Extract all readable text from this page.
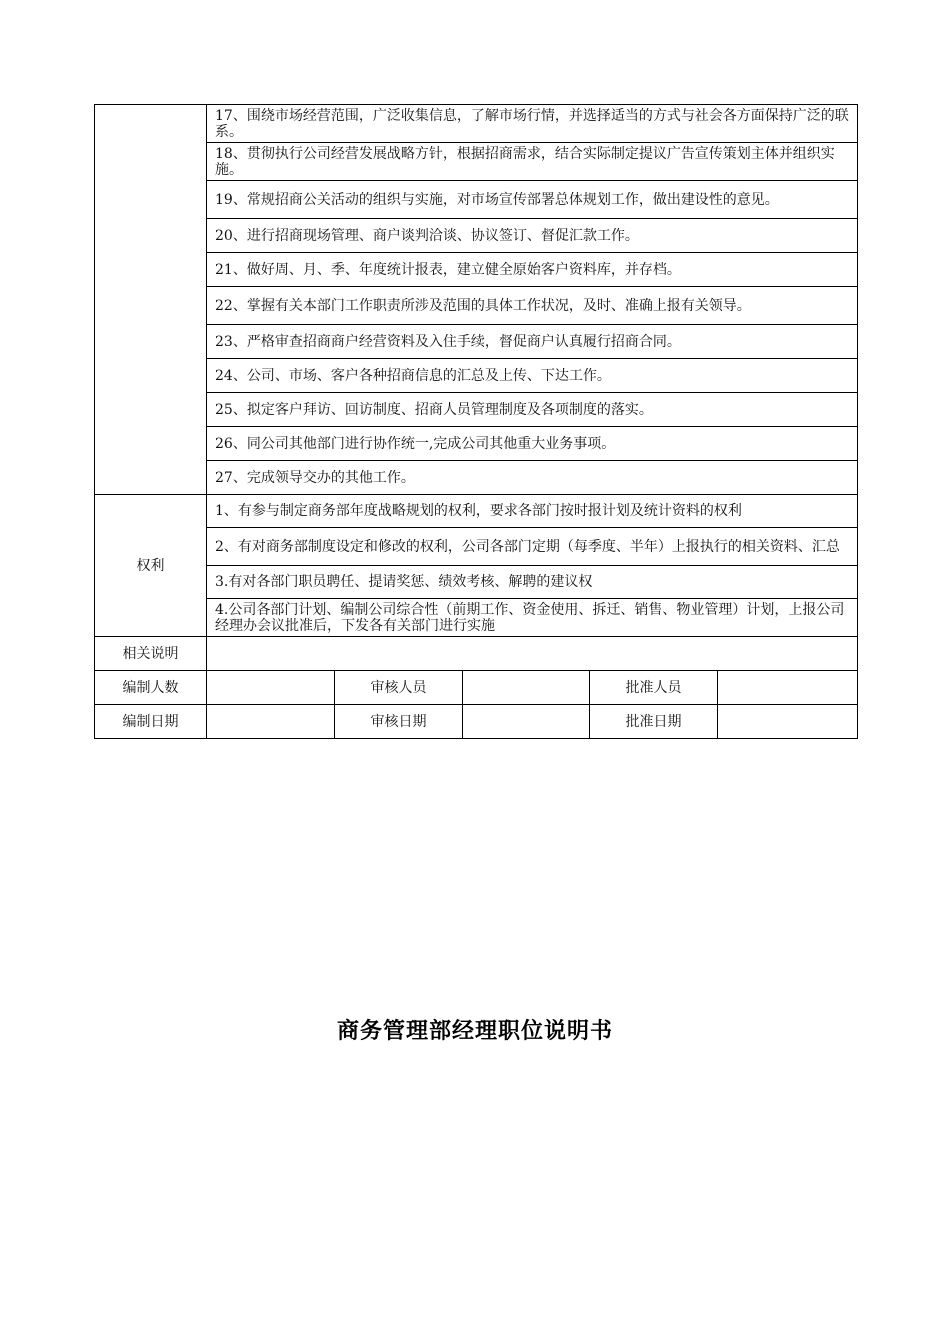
	17、围绕市场经营范围，广泛收集信息，了解市场行情，并选择适当的方式与社会各方面保持广泛的联系。				
	18、贯彻执行公司经营发展战略方针，根据招商需求，结合实际制定提议广告宣传策划主体并组织实施。				
	19、常规招商公关活动的组织与实施，对市场宣传部署总体规划工作，做出建设性的意见。				
	20、进行招商现场管理、商户谈判洽谈、协议签订、督促汇款工作。				
	21、做好周、月、季、年度统计报表，建立健全原始客户资料库，并存档。				
	22、掌握有关本部门工作职责所涉及范围的具体工作状况，及时、准确上报有关领导。				
	23、严格审查招商商户经营资料及入住手续，督促商户认真履行招商合同。				
	24、公司、市场、客户各种招商信息的汇总及上传、下达工作。				
	25、拟定客户拜访、回访制度、招商人员管理制度及各项制度的落实。				
	26、同公司其他部门进行协作统一,完成公司其他重大业务事项。				
	27、完成领导交办的其他工作。				
权利	1、有参与制定商务部年度战略规划的权利，要求各部门按时报计划及统计资料的权利				
	2、有对商务部制度设定和修改的权利，公司各部门定期（每季度、半年）上报执行的相关资料、汇总				
	3.有对各部门职员聘任、提请奖惩、绩效考核、解聘的建议权				
	4.公司各部门计划、编制公司综合性（前期工作、资金使用、拆迁、销售、物业管理）计划，上报公司经理办会议批准后，下发各有关部门进行实施				
相关说明					
编制人数		审核人员		批准人员	
编制日期		审核日期		批准日期	
商务管理部经理职位说明书
